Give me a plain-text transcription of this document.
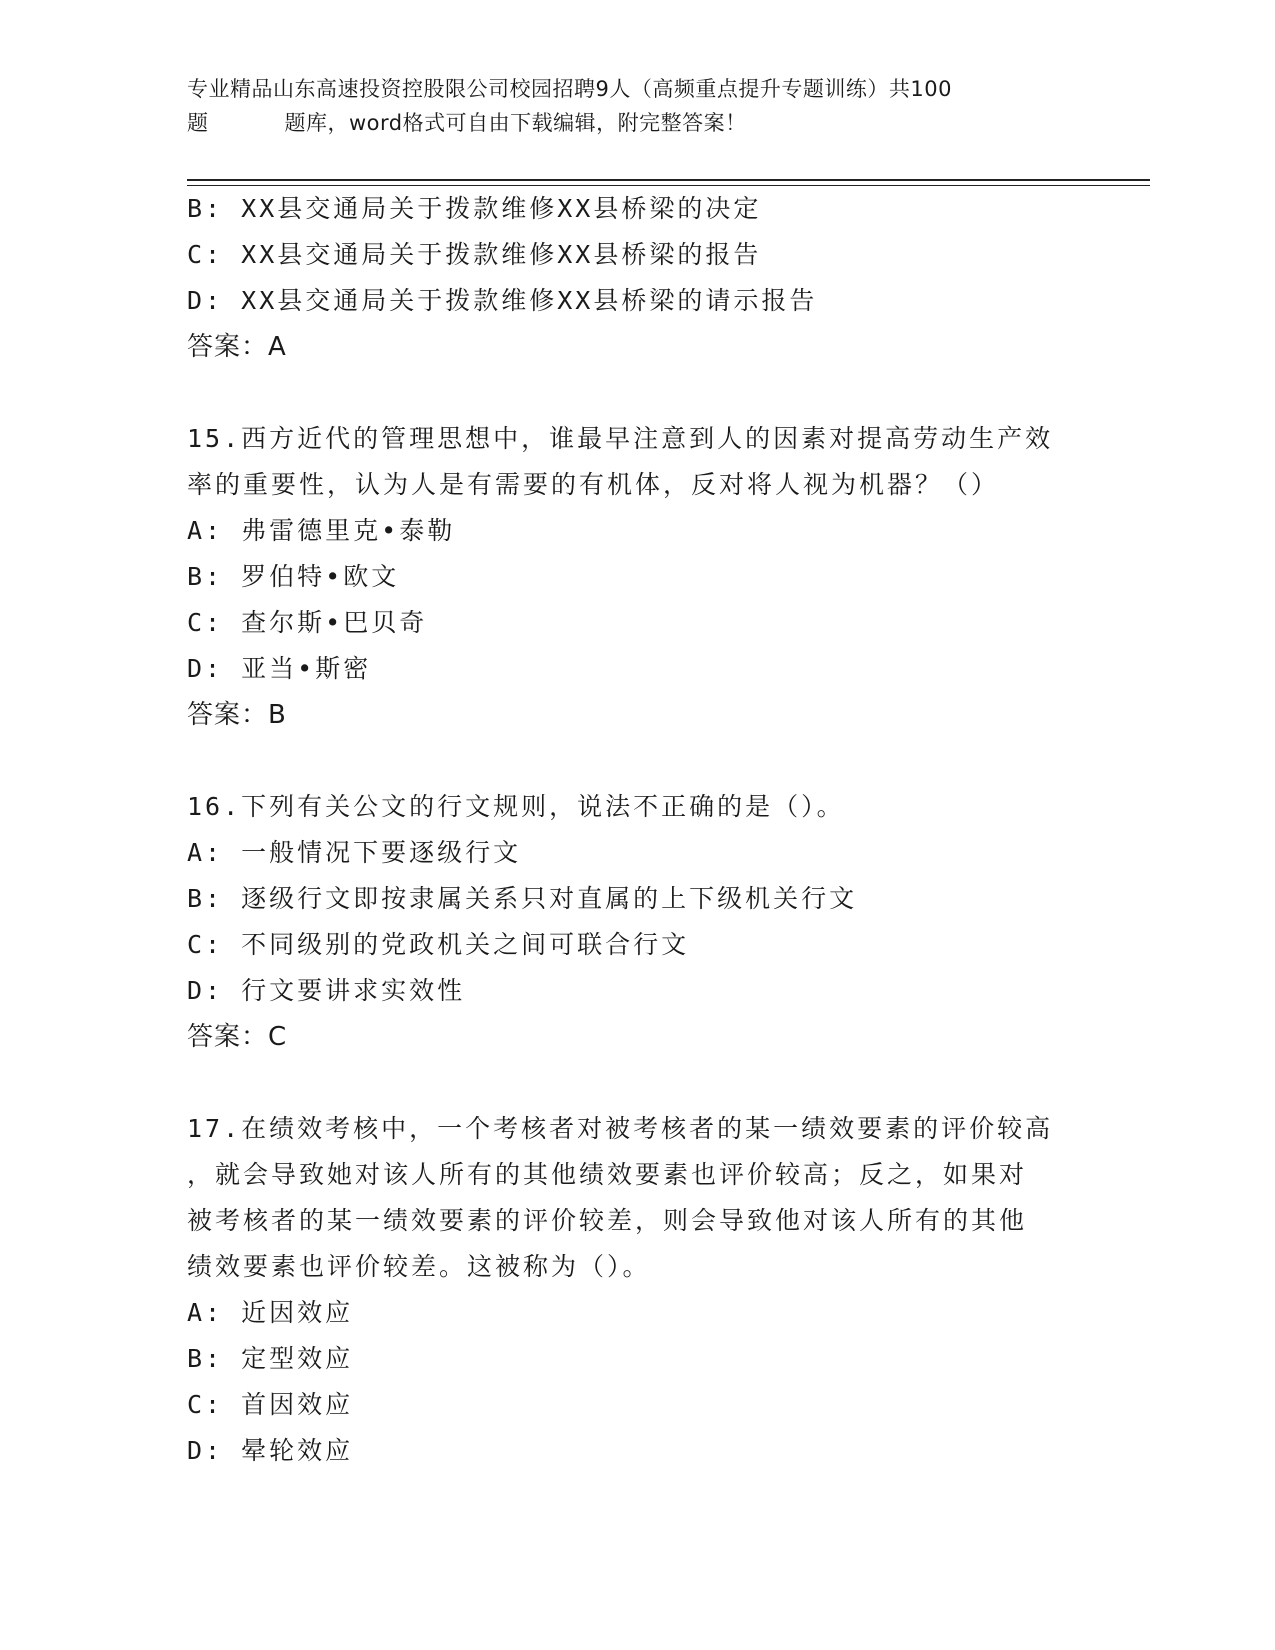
专业精品山东高速投资控股限公司校园招聘9人（高频重点提升专题训练）共100
题	题库，word格式可自由下载编辑，附完整答案！
B: XX县交通局关于拨款维修XX县桥梁的决定
C: XX县交通局关于拨款维修XX县桥梁的报告
D: XX县交通局关于拨款维修XX县桥梁的请示报告
答案：A
15.西方近代的管理思想中，谁最早注意到人的因素对提高劳动生产效
率的重要性，认为人是有需要的有机体，反对将人视为机器？（）
A: 弗雷德里克•泰勒
B: 罗伯特•欧文
C: 查尔斯•巴贝奇
D: 亚当•斯密
答案：B
16.下列有关公文的行文规则，说法不正确的是（）。
A: 一般情况下要逐级行文
B: 逐级行文即按隶属关系只对直属的上下级机关行文
C: 不同级别的党政机关之间可联合行文
D: 行文要讲求实效性
答案：C
17.在绩效考核中，一个考核者对被考核者的某一绩效要素的评价较高
，就会导致她对该人所有的其他绩效要素也评价较高；反之，如果对
被考核者的某一绩效要素的评价较差，则会导致他对该人所有的其他
绩效要素也评价较差。这被称为（）。
A: 近因效应
B: 定型效应
C: 首因效应
D: 晕轮效应
